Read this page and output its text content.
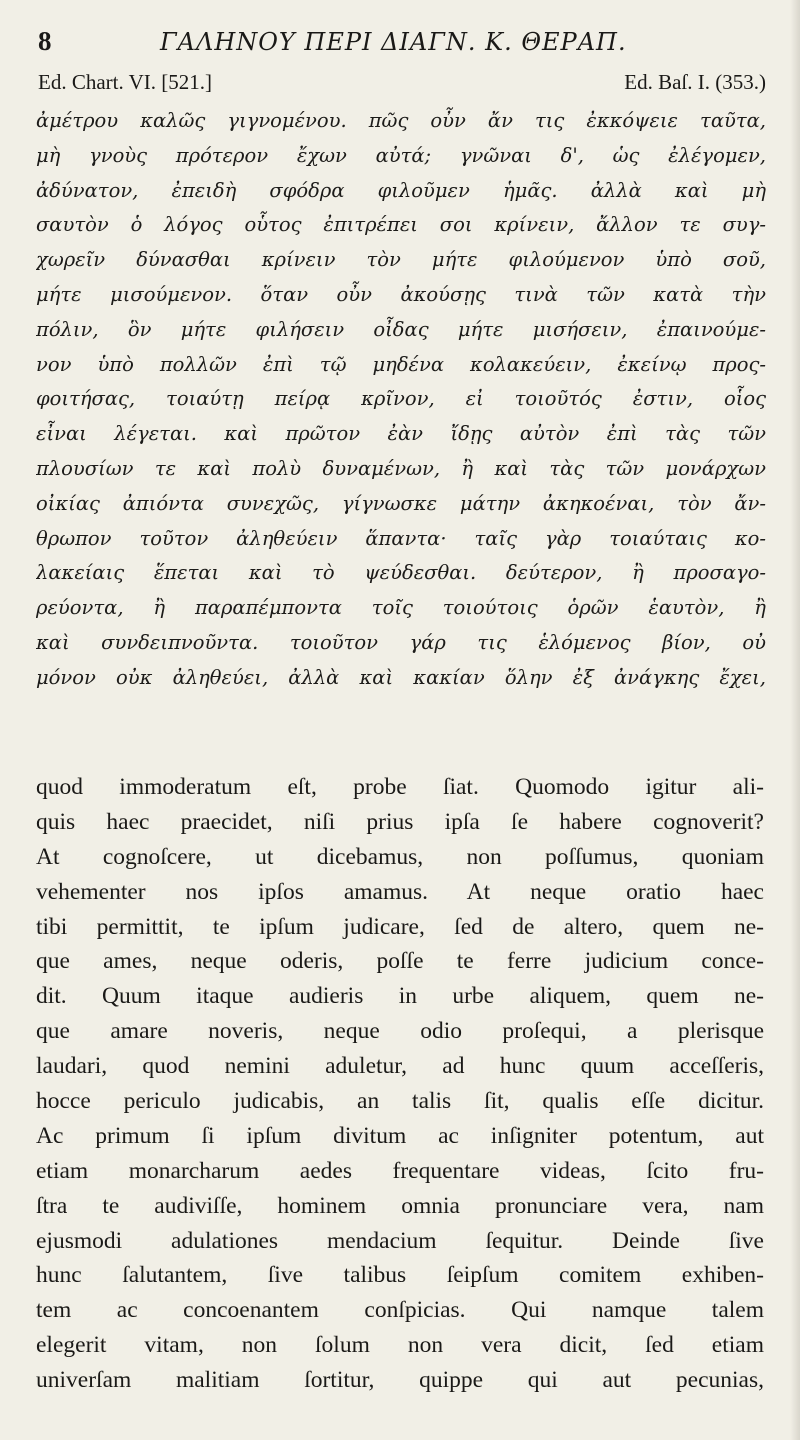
8	ΓΑΛΗΝΟΥ ΠΕΡΙ ΔΙΑΓΝ. Κ. ΘΕΡΑΠ.
Ed. Chart. VI. [521.]	Ed. Baſ. I. (353.)
ἀμέτρου καλῶς γιγνομένου. πῶς οὖν ἄν τις ἐκκόψειε ταῦτα,
μὴ γνοὺς πρότερον ἔχων αὐτά; γνῶναι δ', ὡς ἐλέγομεν,
ἀδύνατον, ἐπειδὴ σφόδρα φιλοῦμεν ἡμᾶς. ἀλλὰ καὶ μὴ
σαυτὸν ὁ λόγος οὗτος ἐπιτρέπει σοι κρίνειν, ἄλλον τε συγ-
χωρεῖν δύνασθαι κρίνειν τὸν μήτε φιλούμενον ὑπὸ σοῦ,
μήτε μισούμενον. ὅταν οὖν ἀκούσῃς τινὰ τῶν κατὰ τὴν
πόλιν, ὃν μήτε φιλήσειν οἶδας μήτε μισήσειν, ἐπαινούμε-
νον ὑπὸ πολλῶν ἐπὶ τῷ μηδένα κολακεύειν, ἐκείνῳ προς-
φοιτήσας, τοιαύτῃ πείρᾳ κρῖνον, εἰ τοιοῦτός ἐστιν, οἷος
εἶναι λέγεται. καὶ πρῶτον ἐὰν ἴδῃς αὐτὸν ἐπὶ τὰς τῶν
πλουσίων τε καὶ πολὺ δυναμένων, ἢ καὶ τὰς τῶν μονάρχων
οἰκίας ἀπιόντα συνεχῶς, γίγνωσκε μάτην ἀκηκοέναι, τὸν ἄν-
θρωπον τοῦτον ἀληθεύειν ἅπαντα· ταῖς γὰρ τοιαύταις κο-
λακείαις ἕπεται καὶ τὸ ψεύδεσθαι. δεύτερον, ἢ προσαγο-
ρεύοντα, ἢ παραπέμποντα τοῖς τοιούτοις ὁρῶν ἑαυτὸν, ἢ
καὶ συνδειπνοῦντα. τοιοῦτον γάρ τις ἑλόμενος βίον, οὐ
μόνον οὐκ ἀληθεύει, ἀλλὰ καὶ κακίαν ὅλην ἐξ ἀνάγκης ἔχει,
quod immoderatum eſt, probe ſiat. Quomodo igitur ali-
quis haec praecidet, niſi prius ipſa ſe habere cognoverit?
At cognoſcere, ut dicebamus, non poſſumus, quoniam
vehementer nos ipſos amamus. At neque oratio haec
tibi permittit, te ipſum judicare, ſed de altero, quem ne-
que ames, neque oderis, poſſe te ferre judicium conce-
dit. Quum itaque audieris in urbe aliquem, quem ne-
que amare noveris, neque odio proſequi, a plerisque
laudari, quod nemini aduletur, ad hunc quum acceſſeris,
hocce periculo judicabis, an talis ſit, qualis eſſe dicitur.
Ac primum ſi ipſum divitum ac inſigniter potentum, aut
etiam monarcharum aedes frequentare videas, ſcito fru-
ſtra te audiviſſe, hominem omnia pronunciare vera, nam
ejusmodi adulationes mendacium ſequitur. Deinde ſive
hunc ſalutantem, ſive talibus ſeipſum comitem exhiben-
tem ac concoenantem conſpicias. Qui namque talem
elegerit vitam, non ſolum non vera dicit, ſed etiam
univerſam malitiam ſortitur, quippe qui aut pecunias,
